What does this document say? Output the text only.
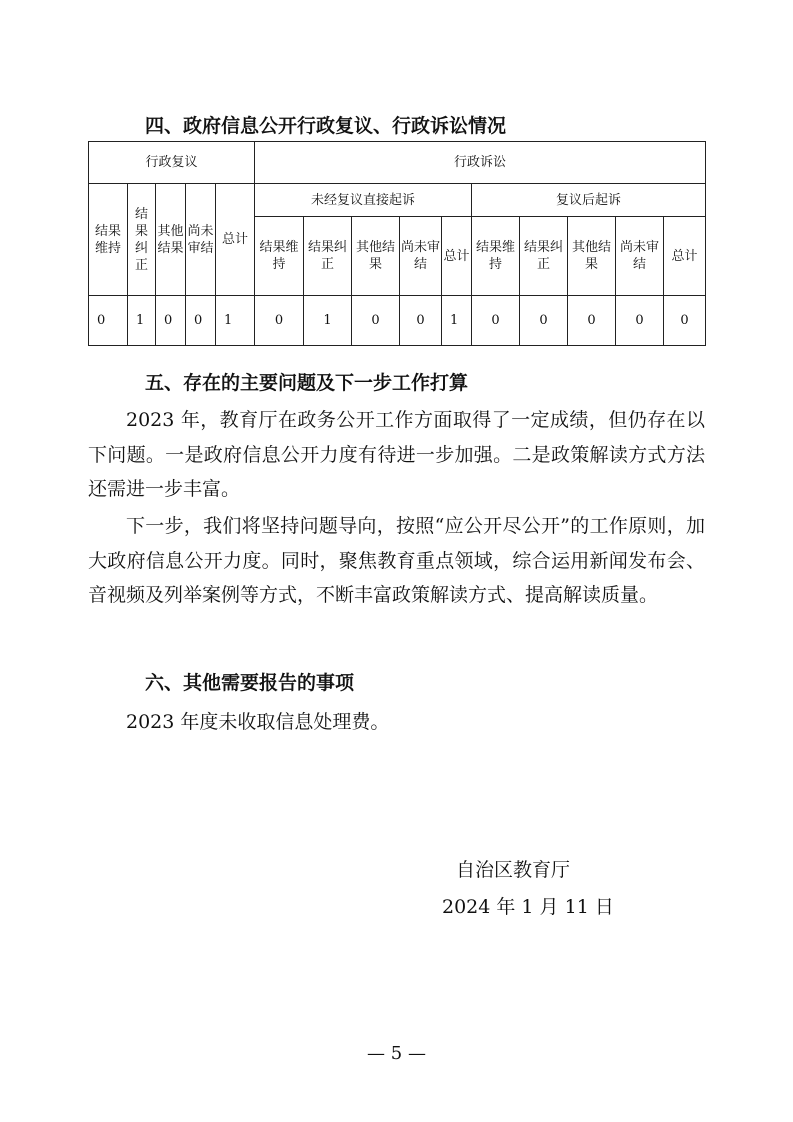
四、政府信息公开行政复议、行政诉讼情况
行政复议					行政诉讼									
结果维持	结果纠正	其他结果	尚未审结	总计	未经复议直接起诉					复议后起诉				
					结果维持	结果纠正	其他结果	尚未审结	总计	结果维持	结果纠正	其他结果	尚未审结	总计
0	1	0	0	1	0	1	0	0	1	0	0	0	0	0
五、存在的主要问题及下一步工作打算

2023 年，教育厅在政务公开工作方面取得了一定成绩，但仍存在以下问题。一是政府信息公开力度有待进一步加强。二是政策解读方式方法还需进一步丰富。

下一步，我们将坚持问题导向，按照“应公开尽公开”的工作原则，加大政府信息公开力度。同时，聚焦教育重点领域，综合运用新闻发布会、音视频及列举案例等方式，不断丰富政策解读方式、提高解读质量。

六、其他需要报告的事项

2023 年度未收取信息处理费。

自治区教育厅
2024 年 1 月 11 日
— 5 —
